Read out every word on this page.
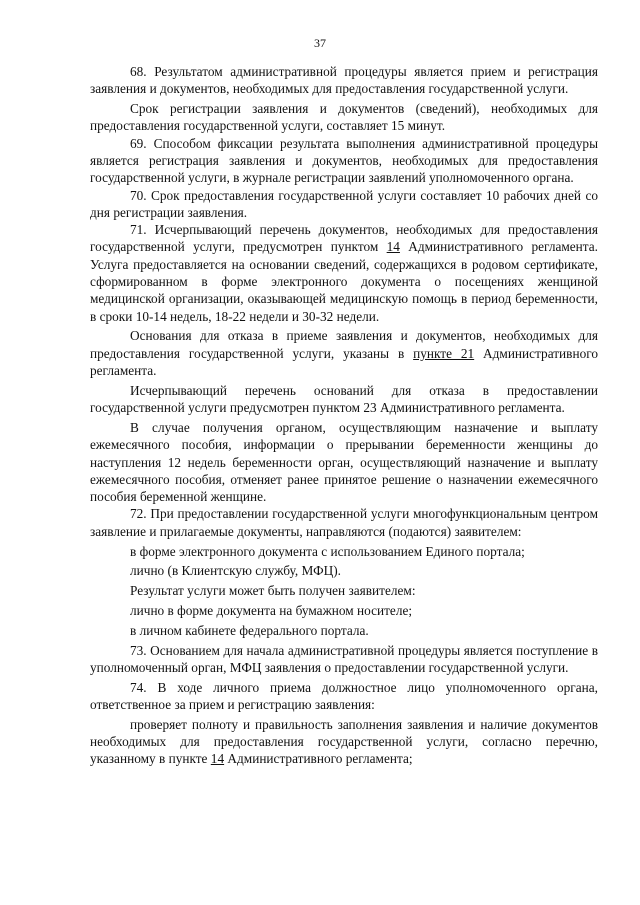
37

68. Результатом административной процедуры является прием и регистрация заявления и документов, необходимых для предоставления государственной услуги.

Срок регистрации заявления и документов (сведений), необходимых для предоставления государственной услуги, составляет 15 минут.

69. Способом фиксации результата выполнения административной процедуры является регистрация заявления и документов, необходимых для предоставления государственной услуги, в журнале регистрации заявлений уполномоченного органа.

70. Срок предоставления государственной услуги составляет 10 рабочих дней со дня регистрации заявления.

71. Исчерпывающий перечень документов, необходимых для предоставления государственной услуги, предусмотрен пунктом 14 Административного регламента. Услуга предоставляется на основании сведений, содержащихся в родовом сертификате, сформированном в форме электронного документа о посещениях женщиной медицинской организации, оказывающей медицинскую помощь в период беременности, в сроки 10-14 недель, 18-22 недели и 30-32 недели.

Основания для отказа в приеме заявления и документов, необходимых для предоставления государственной услуги, указаны в пункте 21 Административного регламента.

Исчерпывающий перечень оснований для отказа в предоставлении государственной услуги предусмотрен пунктом 23 Административного регламента.

В случае получения органом, осуществляющим назначение и выплату ежемесячного пособия, информации о прерывании беременности женщины до наступления 12 недель беременности орган, осуществляющий назначение и выплату ежемесячного пособия, отменяет ранее принятое решение о назначении ежемесячного пособия беременной женщине.

72. При предоставлении государственной услуги многофункциональным центром заявление и прилагаемые документы, направляются (подаются) заявителем:

в форме электронного документа с использованием Единого портала;

лично (в Клиентскую службу, МФЦ).

Результат услуги может быть получен заявителем:

лично в форме документа на бумажном носителе;

в личном кабинете федерального портала.

73. Основанием для начала административной процедуры является поступление в уполномоченный орган, МФЦ заявления о предоставлении государственной услуги.

74. В ходе личного приема должностное лицо уполномоченного органа, ответственное за прием и регистрацию заявления:

проверяет полноту и правильность заполнения заявления и наличие документов необходимых для предоставления государственной услуги, согласно перечню, указанному в пункте 14 Административного регламента;
